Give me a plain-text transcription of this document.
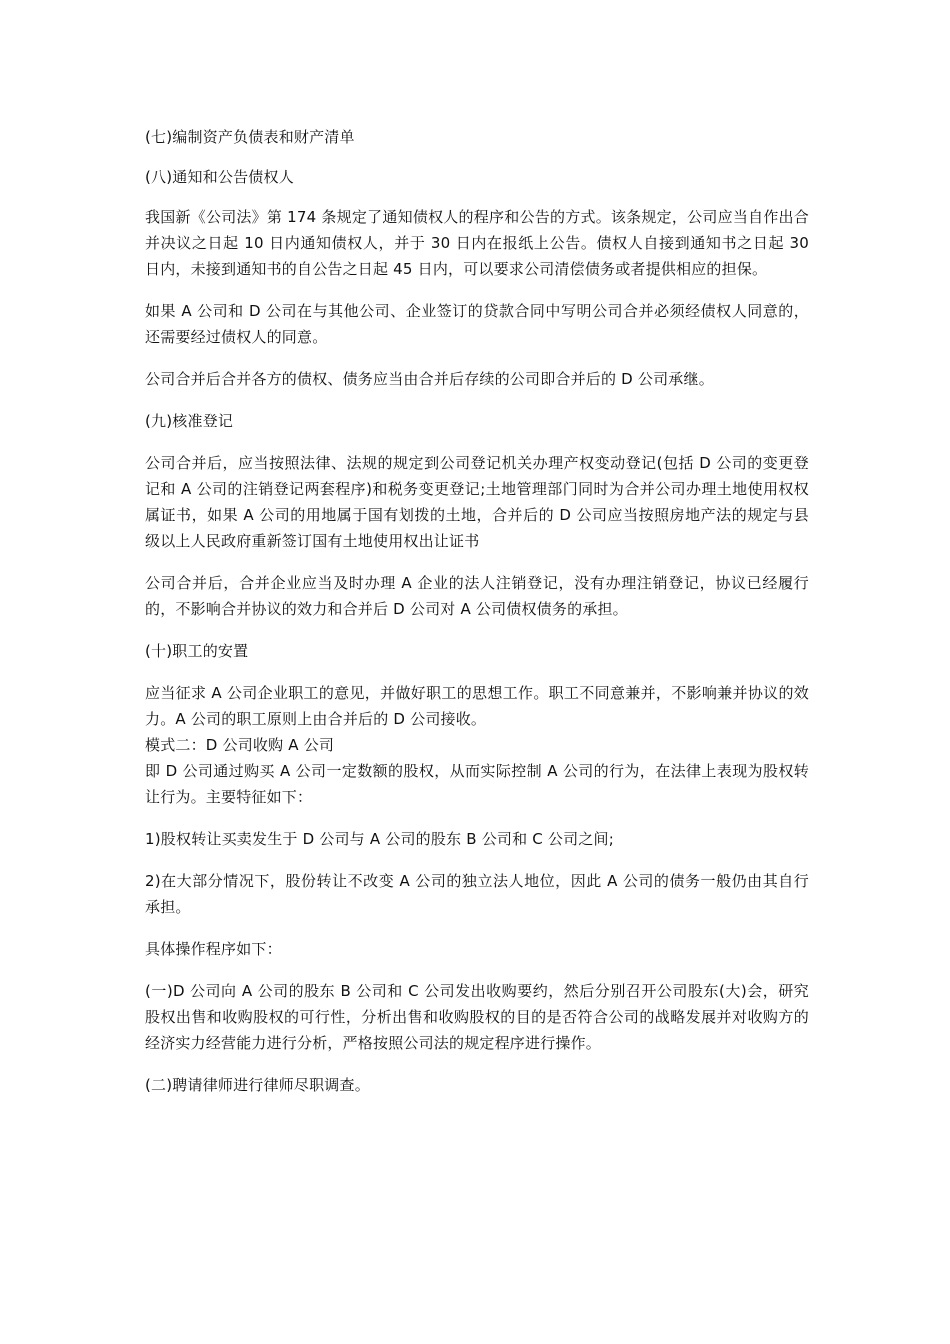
(七)编制资产负债表和财产清单

(八)通知和公告债权人

我国新《公司法》第 174 条规定了通知债权人的程序和公告的方式。该条规定，公司应当自作出合并决议之日起 10 日内通知债权人，并于 30 日内在报纸上公告。债权人自接到通知书之日起 30 日内，未接到通知书的自公告之日起 45 日内，可以要求公司清偿债务或者提供相应的担保。

如果 A 公司和 D 公司在与其他公司、企业签订的贷款合同中写明公司合并必须经债权人同意的，还需要经过债权人的同意。

公司合并后合并各方的债权、债务应当由合并后存续的公司即合并后的 D 公司承继。

(九)核准登记

公司合并后，应当按照法律、法规的规定到公司登记机关办理产权变动登记(包括 D 公司的变更登记和 A 公司的注销登记两套程序)和税务变更登记;土地管理部门同时为合并公司办理土地使用权权属证书，如果 A 公司的用地属于国有划拨的土地，合并后的 D 公司应当按照房地产法的规定与县级以上人民政府重新签订国有土地使用权出让证书

公司合并后，合并企业应当及时办理 A 企业的法人注销登记，没有办理注销登记，协议已经履行的，不影响合并协议的效力和合并后 D 公司对 A 公司债权债务的承担。

(十)职工的安置

应当征求 A 公司企业职工的意见，并做好职工的思想工作。职工不同意兼并，不影响兼并协议的效力。A 公司的职工原则上由合并后的 D 公司接收。

模式二：D 公司收购 A 公司

即 D 公司通过购买 A 公司一定数额的股权，从而实际控制 A 公司的行为，在法律上表现为股权转让行为。主要特征如下：

1)股权转让买卖发生于 D 公司与 A 公司的股东 B 公司和 C 公司之间;

2)在大部分情况下，股份转让不改变 A 公司的独立法人地位，因此 A 公司的债务一般仍由其自行承担。

具体操作程序如下：

(一)D 公司向 A 公司的股东 B 公司和 C 公司发出收购要约，然后分别召开公司股东(大)会，研究股权出售和收购股权的可行性，分析出售和收购股权的目的是否符合公司的战略发展并对收购方的经济实力经营能力进行分析，严格按照公司法的规定程序进行操作。

(二)聘请律师进行律师尽职调查。
